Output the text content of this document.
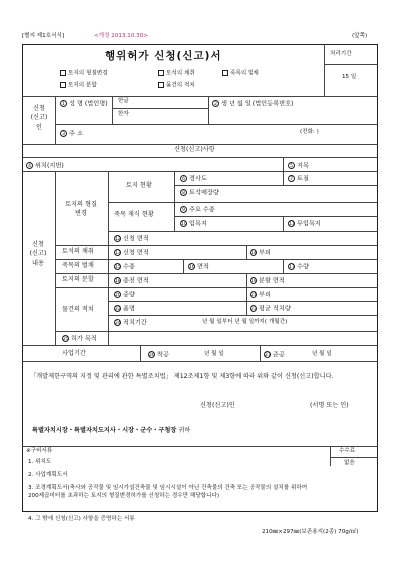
[별지 제1호서식]	<개정 2013.10.30>	(앞쪽)
행위허가 신청(신고)서	처리기간
15 일
토지의 형질변경	토석의 채취	죽목의 벌채
토지의 분할	물건의 적치
신청 (신고) 인
1 성 명 (법인명) 한글
한자
2 생 년 월 일 (법인등록번호)
3 주 소	(전화: )
신청(신고)사항
4 위치(지번)	5 지목
신청 (신고) 내용
토지의 형질 변경
토지 현황
죽목 재식 현황
6 경사도	7 토질
8 토석매장량
9 주요 수종
10 임목지	11 무임목지
12 신청 면적
토석의 채취	13 신청 면적	14 부피
죽목의 벌채	15 수종	16 면적	17 수량
토지의 분할	18 종전 면적	19 분할 면적
물건의 적치
20 중량	21 부피
22 품명	23 평균 적치량
24 적치기간	년 월 일부터 년 월 일까지( 개월간)
25 허가 목적
사업기간	26 착공	년 월 일	27 준공	년 월 일
「개발제한구역의 지정 및 관리에 관한 특별조치법」 제12조제1항 및 제3항에 따라 위와 같이 신청(신고)합니다.
신청(신고)인	(서명 또는 인)
특별자치시장・특별자치도지사・시장・군수・구청장 귀하
※구비서류
1. 위치도
2. 사업계획도서
3. 조경계획도서(축사와 공작물 및 임시가설건축물 및 임시시설이 아닌 건축물의 건축 또는 공작물의 설치를 위하여 200제곱미터를 초과하는 토지의 형질변경허가를 신청하는 경우만 해당합니다)
4. 그 밖에 신청(신고) 사항을 증명하는 서류
수수료
없음
210㎜×297㎜(보존용지(2종) 70g/㎡)
